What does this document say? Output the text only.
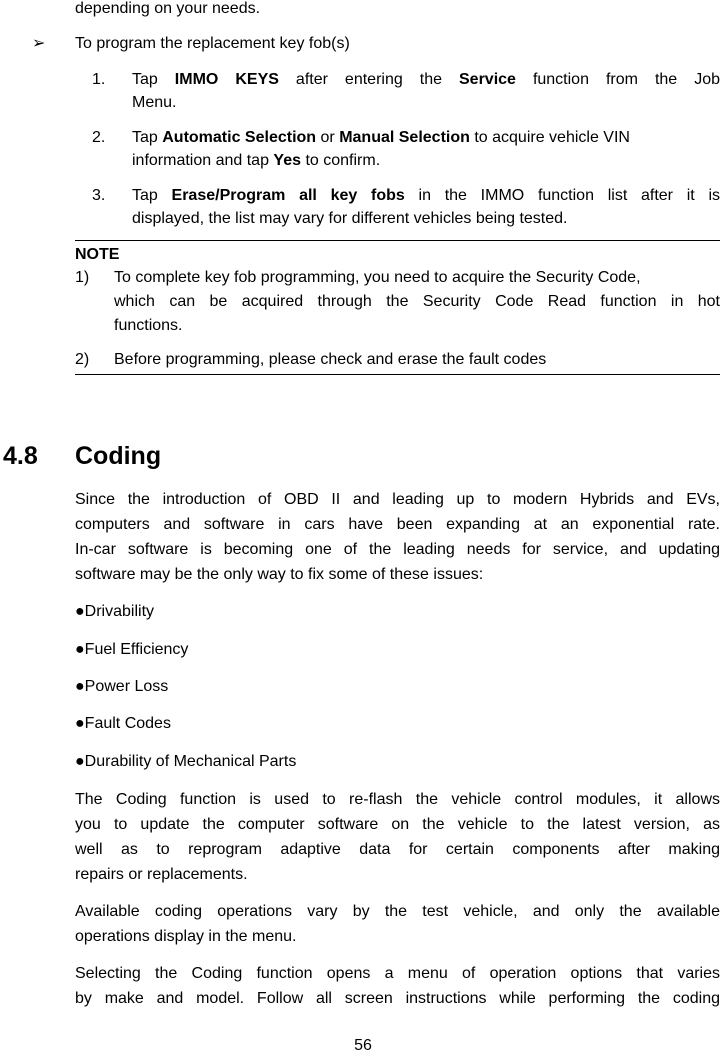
depending on your needs.
➢ To program the replacement key fob(s)
1. Tap IMMO KEYS after entering the Service function from the Job
Menu.
2. Tap Automatic Selection or Manual Selection to acquire vehicle VIN
information and tap Yes to confirm.
3. Tap Erase/Program all key fobs in the IMMO function list after it is
displayed, the list may vary for different vehicles being tested.
NOTE
1) To complete key fob programming, you need to acquire the Security Code,
which can be acquired through the Security Code Read function in hot
functions.
2) Before programming, please check and erase the fault codes
4.8 Coding
Since the introduction of OBD II and leading up to modern Hybrids and EVs,
computers and software in cars have been expanding at an exponential rate.
In-car software is becoming one of the leading needs for service, and updating
software may be the only way to fix some of these issues:
●Drivability
●Fuel Efficiency
●Power Loss
●Fault Codes
●Durability of Mechanical Parts
The Coding function is used to re-flash the vehicle control modules, it allows
you to update the computer software on the vehicle to the latest version, as
well as to reprogram adaptive data for certain components after making
repairs or replacements.
Available coding operations vary by the test vehicle, and only the available
operations display in the menu.
Selecting the Coding function opens a menu of operation options that varies
by make and model. Follow all screen instructions while performing the coding
56
